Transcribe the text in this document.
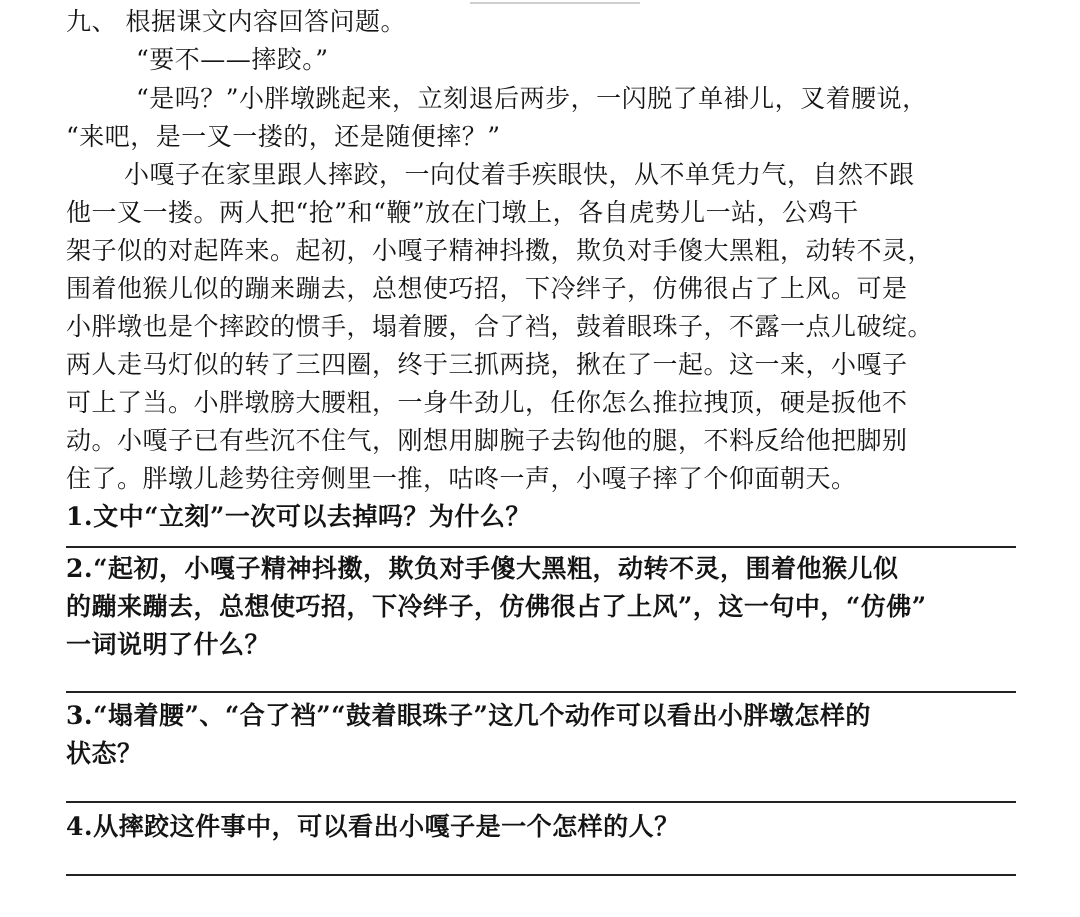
九、 根据课文内容回答问题。
“要不——摔跤。”
“是吗？”小胖墩跳起来，立刻退后两步，一闪脱了单褂儿，叉着腰说，
“来吧，是一叉一搂的，还是随便摔？”
小嘎子在家里跟人摔跤，一向仗着手疾眼快，从不单凭力气，自然不跟
他一叉一搂。两人把“抢”和“鞭”放在门墩上，各自虎势儿一站，公鸡干
架子似的对起阵来。起初，小嘎子精神抖擞，欺负对手傻大黑粗，动转不灵，
围着他猴儿似的蹦来蹦去，总想使巧招，下冷绊子，仿佛很占了上风。可是
小胖墩也是个摔跤的惯手，塌着腰，合了裆，鼓着眼珠子，不露一点儿破绽。
两人走马灯似的转了三四圈，终于三抓两挠，揪在了一起。这一来，小嘎子
可上了当。小胖墩膀大腰粗，一身牛劲儿，任你怎么推拉拽顶，硬是扳他不
动。小嘎子已有些沉不住气，刚想用脚腕子去钩他的腿，不料反给他把脚别
住了。胖墩儿趁势往旁侧里一推，咕咚一声，小嘎子摔了个仰面朝天。
1.文中“立刻”一次可以去掉吗？为什么？
2.“起初，小嘎子精神抖擞，欺负对手傻大黑粗，动转不灵，围着他猴儿似
的蹦来蹦去，总想使巧招，下冷绊子，仿佛很占了上风”，这一句中，“仿佛”
一词说明了什么？
3.“塌着腰”、“合了裆”“鼓着眼珠子”这几个动作可以看出小胖墩怎样的
状态？
4.从摔跤这件事中，可以看出小嘎子是一个怎样的人？
